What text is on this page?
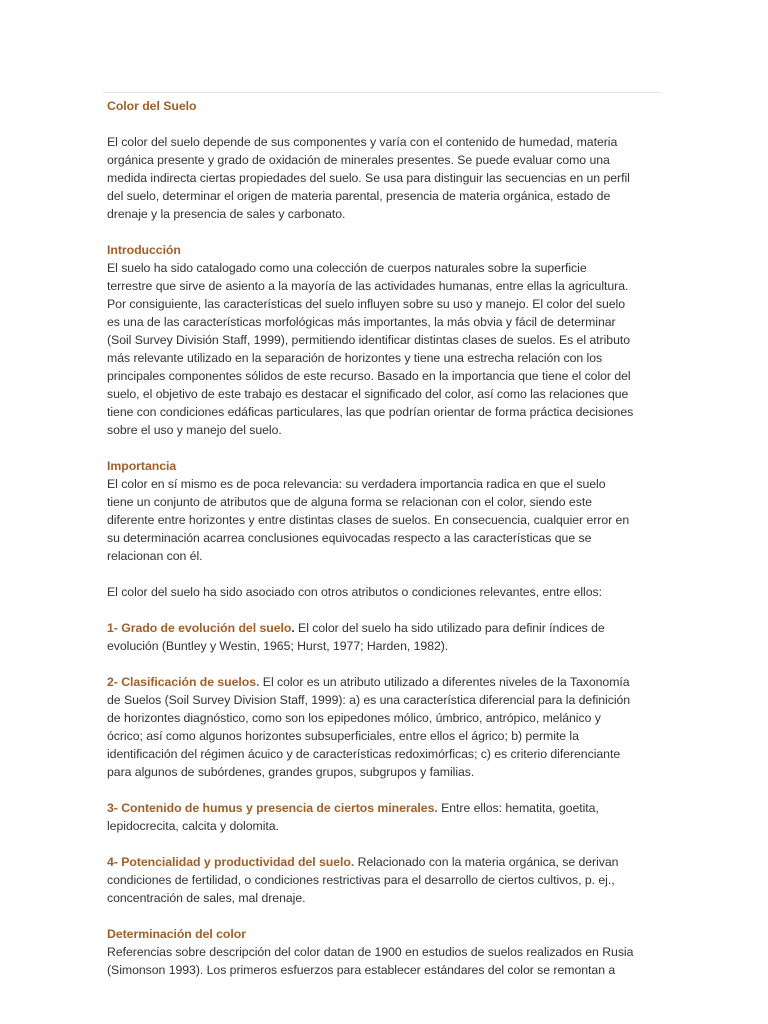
Color del Suelo

El color del suelo depende de sus componentes y varía con el contenido de humedad, materia orgánica presente y grado de oxidación de minerales presentes. Se puede evaluar como una medida indirecta ciertas propiedades del suelo. Se usa para distinguir las secuencias en un perfil del suelo, determinar el origen de materia parental, presencia de materia orgánica, estado de drenaje y la presencia de sales y carbonato.

Introducción
El suelo ha sido catalogado como una colección de cuerpos naturales sobre la superficie terrestre que sirve de asiento a la mayoría de las actividades humanas, entre ellas la agricultura. Por consiguiente, las características del suelo influyen sobre su uso y manejo. El color del suelo es una de las características morfológicas más importantes, la más obvia y fácil de determinar (Soil Survey División Staff, 1999), permitiendo identificar distintas clases de suelos. Es el atributo más relevante utilizado en la separación de horizontes y tiene una estrecha relación con los principales componentes sólidos de este recurso. Basado en la importancia que tiene el color del suelo, el objetivo de este trabajo es destacar el significado del color, así como las relaciones que tiene con condiciones edáficas particulares, las que podrían orientar de forma práctica decisiones sobre el uso y manejo del suelo.

Importancia
El color en sí mismo es de poca relevancia: su verdadera importancia radica en que el suelo tiene un conjunto de atributos que de alguna forma se relacionan con el color, siendo este diferente entre horizontes y entre distintas clases de suelos. En consecuencia, cualquier error en su determinación acarrea conclusiones equivocadas respecto a las características que se relacionan con él.

El color del suelo ha sido asociado con otros atributos o condiciones relevantes, entre ellos:

1- Grado de evolución del suelo. El color del suelo ha sido utilizado para definir índices de evolución (Buntley y Westin, 1965; Hurst, 1977; Harden, 1982).

2- Clasificación de suelos. El color es un atributo utilizado a diferentes niveles de la Taxonomía de Suelos (Soil Survey Division Staff, 1999): a) es una característica diferencial para la definición de horizontes diagnóstico, como son los epipedones mólico, úmbrico, antrópico, melánico y ócrico; así como algunos horizontes subsuperficiales, entre ellos el ágrico; b) permite la identificación del régimen ácuico y de características redoximórficas; c) es criterio diferenciante para algunos de subórdenes, grandes grupos, subgrupos y familias.

3- Contenido de humus y presencia de ciertos minerales. Entre ellos: hematita, goetita, lepidocrecita, calcita y dolomita.

4- Potencialidad y productividad del suelo. Relacionado con la materia orgánica, se derivan condiciones de fertilidad, o condiciones restrictivas para el desarrollo de ciertos cultivos, p. ej., concentración de sales, mal drenaje.

Determinación del color
Referencias sobre descripción del color datan de 1900 en estudios de suelos realizados en Rusia (Simonson 1993). Los primeros esfuerzos para establecer estándares del color se remontan a
